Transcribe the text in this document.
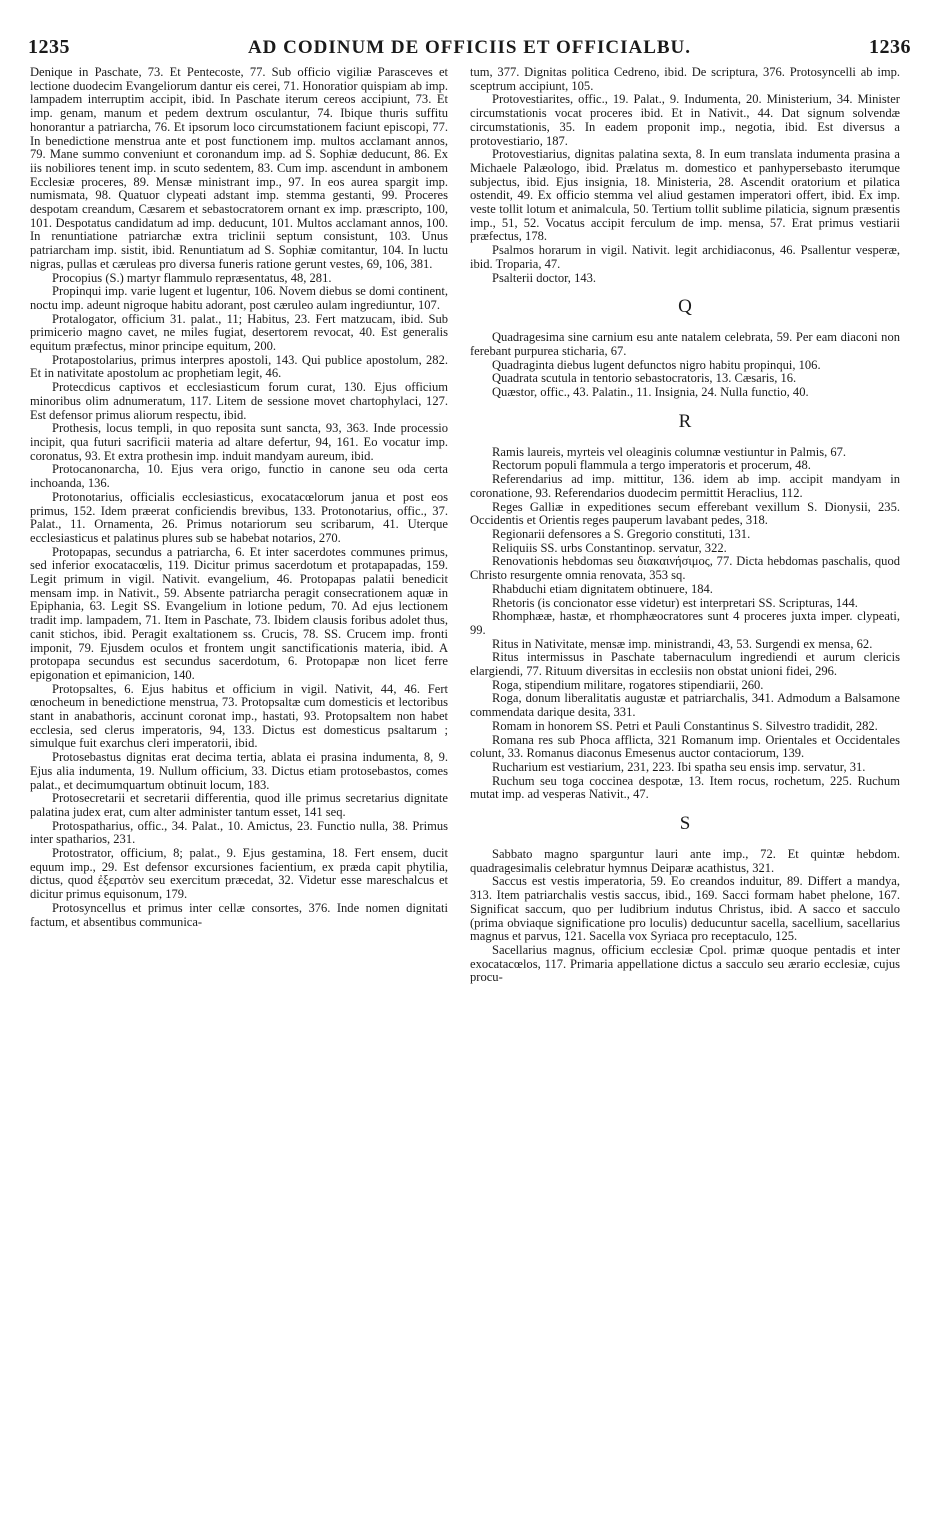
1235	AD CODINUM DE OFFICIIS ET OFFICIALBU.	1236

Denique in Paschate, 73. Et Pentecoste, 77. Sub officio vigiliæ Parasceves et lectione duodecim Evangeliorum dantur eis cerei, 71. Honoratior quispiam ab imp. lampadem interruptim accipit, ibid. In Paschate iterum cereos accipiunt, 73. Et imp. genam, manum et pedem dextrum osculantur, 74. Ibique thuris suffitu honorantur a patriarcha, 76. Et ipsorum loco circumstationem faciunt episcopi, 77. In benedictione menstrua ante et post functionem imp. multos acclamant annos, 79. Mane summo conveniunt et coronandum imp. ad S. Sophiæ deducunt, 86. Ex iis nobiliores tenent imp. in scuto sedentem, 83. Cum imp. ascendunt in ambonem Ecclesiæ proceres, 89. Mensæ ministrant imp., 97. In eos aurea spargit imp. numismata, 98. Quatuor clypeati adstant imp. stemma gestanti, 99. Proceres despotam creandum, Cæsarem et sebastocratorem ornant ex imp. præscripto, 100, 101. Despotatus candidatum ad imp. deducunt, 101. Multos acclamant annos, 100. In renuntiatione patriarchæ extra triclinii septum consistunt, 103. Unus patriarcham imp. sistit, ibid. Renuntiatum ad S. Sophiæ comitantur, 104. In luctu nigras, pullas et cæruleas pro diversa funeris ratione gerunt vestes, 69, 106, 381.

Procopius (S.) martyr flammulo repræsentatus, 48, 281.

Propinqui imp. varie lugent et lugentur, 106. Novem diebus se domi continent, noctu imp. adeunt nigroque habitu adorant, post cæruleo aulam ingrediuntur, 107.

Protalogator, officium 31. palat., 11; Habitus, 23. Fert matzucam, ibid. Sub primicerio magno cavet, ne miles fugiat, desertorem revocat, 40. Est generalis equitum præfectus, minor principe equitum, 200.

Protapostolarius, primus interpres apostoli, 143. Qui publice apostolum, 282. Et in nativitate apostolum ac prophetiam legit, 46.

Protecdicus captivos et ecclesiasticum forum curat, 130. Ejus officium minoribus olim adnumeratum, 117. Litem de sessione movet chartophylaci, 127. Est defensor primus aliorum respectu, ibid.

Prothesis, locus templi, in quo reposita sunt sancta, 93, 363. Inde processio incipit, qua futuri sacrificii materia ad altare defertur, 94, 161. Eo vocatur imp. coronatus, 93. Et extra prothesin imp. induit mandyam aureum, ibid.

Protocanonarcha, 10. Ejus vera origo, functio in canone seu oda certa inchoanda, 136.

Protonotarius, officialis ecclesiasticus, exocatacœlorum janua et post eos primus, 152. Idem præerat conficiendis brevibus, 133. Protonotarius, offic., 37. Palat., 11. Ornamenta, 26. Primus notariorum seu scribarum, 41. Uterque ecclesiasticus et palatinus plures sub se habebat notarios, 270.

Protopapas, secundus a patriarcha, 6. Et inter sacerdotes communes primus, sed inferior exocatacœlis, 119. Dicitur primus sacerdotum et protapapadas, 159. Legit primum in vigil. Nativit. evangelium, 46. Protopapas palatii benedicit mensam imp. in Nativit., 59. Absente patriarcha peragit consecrationem aquæ in Epiphania, 63. Legit SS. Evangelium in lotione pedum, 70. Ad ejus lectionem tradit imp. lampadem, 71. Item in Paschate, 73. Ibidem clausis foribus adolet thus, canit stichos, ibid. Peragit exaltationem ss. Crucis, 78. SS. Crucem imp. fronti imponit, 79. Ejusdem oculos et frontem ungit sanctificationis materia, ibid. A protopapa secundus est secundus sacerdotum, 6. Protopapæ non licet ferre epigonation et epimanicion, 140.

Protopsaltes, 6. Ejus habitus et officium in vigil. Nativit, 44, 46. Fert œnocheum in benedictione menstrua, 73. Protopsaltæ cum domesticis et lectoribus stant in anabathoris, accinunt coronat imp., hastati, 93. Protopsaltem non habet ecclesia, sed clerus imperatoris, 94, 133. Dictus est domesticus psaltarum ; simulque fuit exarchus cleri imperatorii, ibid.

Protosebastus dignitas erat decima tertia, ablata ei prasina indumenta, 8, 9. Ejus alia indumenta, 19. Nullum officium, 33. Dictus etiam protosebastos, comes palat., et decimumquartum obtinuit locum, 183.

Protosecretarii et secretarii differentia, quod ille primus secretarius dignitate palatina judex erat, cum alter administer tantum esset, 141 seq.

Protospatharius, offic., 34. Palat., 10. Amictus, 23. Functio nulla, 38. Primus inter spatharios, 231.

Protostrator, officium, 8; palat., 9. Ejus gestamina, 18. Fert ensem, ducit equum imp., 29. Est defensor excursiones facientium, ex præda capit phytilia, dictus, quod ἐξερατὸν seu exercitum præcedat, 32. Videtur esse mareschalcus et dicitur primus equisonum, 179.

Protosyncellus et primus inter cellæ consortes, 376. Inde nomen dignitati factum, et absentibus communica-

tum, 377. Dignitas politica Cedreno, ibid. De scriptura, 376. Protosyncelli ab imp. sceptrum accipiunt, 105.

Protovestiarites, offic., 19. Palat., 9. Indumenta, 20. Ministerium, 34. Minister circumstationis vocat proceres ibid. Et in Nativit., 44. Dat signum solvendæ circumstationis, 35. In eadem proponit imp., negotia, ibid. Est diversus a protovestiario, 187.

Protovestiarius, dignitas palatina sexta, 8. In eum translata indumenta prasina a Michaele Palæologo, ibid. Prælatus m. domestico et panhypersebasto iterumque subjectus, ibid. Ejus insignia, 18. Ministeria, 28. Ascendit oratorium et pilatica ostendit, 49. Ex officio stemma vel aliud gestamen imperatori offert, ibid. Ex imp. veste tollit lotum et animalcula, 50. Tertium tollit sublime pilaticia, signum præsentis imp., 51, 52. Vocatus accipit ferculum de imp. mensa, 57. Erat primus vestiarii præfectus, 178.

Psalmos horarum in vigil. Nativit. legit archidiaconus, 46. Psallentur vesperæ, ibid. Troparia, 47.

Psalterii doctor, 143.

Q

Quadragesima sine carnium esu ante natalem celebrata, 59. Per eam diaconi non ferebant purpurea sticharia, 67.

Quadraginta diebus lugent defunctos nigro habitu propinqui, 106.

Quadrata scutula in tentorio sebastocratoris, 13. Cæsaris, 16.

Quæstor, offic., 43. Palatin., 11. Insignia, 24. Nulla functio, 40.

R

Ramis laureis, myrteis vel oleaginis columnæ vestiuntur in Palmis, 67.

Rectorum populi flammula a tergo imperatoris et procerum, 48.

Referendarius ad imp. mittitur, 136. idem ab imp. accipit mandyam in coronatione, 93. Referendarios duodecim permittit Heraclius, 112.

Reges Galliæ in expeditiones secum efferebant vexillum S. Dionysii, 235. Occidentis et Orientis reges pauperum lavabant pedes, 318.

Regionarii defensores a S. Gregorio constituti, 131.

Reliquiis SS. urbs Constantinop. servatur, 322.

Renovationis hebdomas seu διακαινήσιμος, 77. Dicta hebdomas paschalis, quod Christo resurgente omnia renovata, 353 sq.

Rhabduchi etiam dignitatem obtinuere, 184.

Rhetoris (is concionator esse videtur) est interpretari SS. Scripturas, 144.

Rhomphææ, hastæ, et rhomphæocratores sunt 4 proceres juxta imper. clypeati, 99.

Ritus in Nativitate, mensæ imp. ministrandi, 43, 53. Surgendi ex mensa, 62.

Ritus intermissus in Paschate tabernaculum ingrediendi et aurum clericis elargiendi, 77. Rituum diversitas in ecclesiis non obstat unioni fidei, 296.

Roga, stipendium militare, rogatores stipendiarii, 260.

Roga, donum liberalitatis augustæ et patriarchalis, 341. Admodum a Balsamone commendata darique desita, 331.

Romam in honorem SS. Petri et Pauli Constantinus S. Silvestro tradidit, 282.

Romana res sub Phoca afflicta, 321 Romanum imp. Orientales et Occidentales colunt, 33. Romanus diaconus Emesenus auctor contaciorum, 139.

Rucharium est vestiarium, 231, 223. Ibi spatha seu ensis imp. servatur, 31.

Ruchum seu toga coccinea despotæ, 13. Item rocus, rochetum, 225. Ruchum mutat imp. ad vesperas Nativit., 47.

S

Sabbato magno sparguntur lauri ante imp., 72. Et quintæ hebdom. quadragesimalis celebratur hymnus Deiparæ acathistus, 321.

Saccus est vestis imperatoria, 59. Eo creandos induitur, 89. Differt a mandya, 313. Item patriarchalis vestis saccus, ibid., 169. Sacci formam habet phelone, 167. Significat saccum, quo per ludibrium indutus Christus, ibid. A sacco et sacculo (prima obviaque significatione pro loculis) deducuntur sacella, sacellium, sacellarius magnus et parvus, 121. Sacella vox Syriaca pro receptaculo, 125.

Sacellarius magnus, officium ecclesiæ Cpol. primæ quoque pentadis et inter exocatacœlos, 117. Primaria appellatione dictus a sacculo seu ærario ecclesiæ, cujus procu-
